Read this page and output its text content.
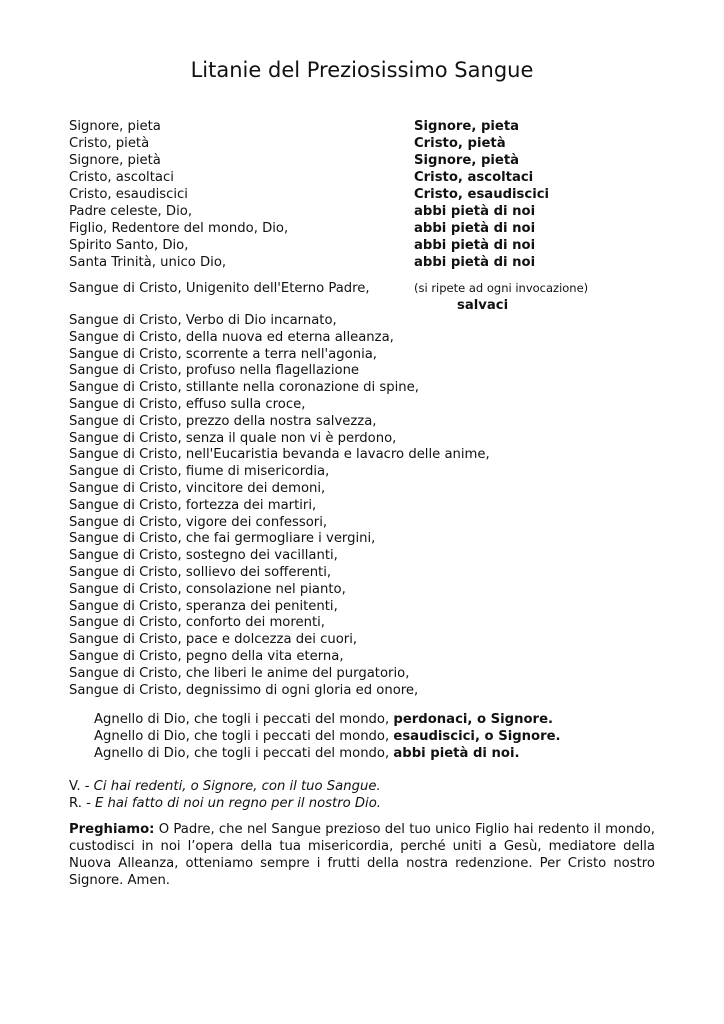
Litanie del Preziosissimo Sangue
Signore, pieta	Signore, pieta
Cristo, pietà	Cristo, pietà
Signore, pietà	Signore, pietà
Cristo, ascoltaci	Cristo, ascoltaci
Cristo, esaudiscici	Cristo, esaudiscici
Padre celeste, Dio,	abbi pietà di noi
Figlio, Redentore del mondo, Dio,	abbi pietà di noi
Spirito Santo, Dio,	abbi pietà di noi
Santa Trinità, unico Dio,	abbi pietà di noi
Sangue di Cristo, Unigenito dell'Eterno Padre,	(si ripete ad ogni invocazione)
salvaci
Sangue di Cristo, Verbo di Dio incarnato,
Sangue di Cristo, della nuova ed eterna alleanza,
Sangue di Cristo, scorrente a terra nell'agonia,
Sangue di Cristo, profuso nella flagellazione
Sangue di Cristo, stillante nella coronazione di spine,
Sangue di Cristo, effuso sulla croce,
Sangue di Cristo, prezzo della nostra salvezza,
Sangue di Cristo, senza il quale non vi è perdono,
Sangue di Cristo, nell'Eucaristia bevanda e lavacro delle anime,
Sangue di Cristo, fiume di misericordia,
Sangue di Cristo, vincitore dei demoni,
Sangue di Cristo, fortezza dei martiri,
Sangue di Cristo, vigore dei confessori,
Sangue di Cristo, che fai germogliare i vergini,
Sangue di Cristo, sostegno dei vacillanti,
Sangue di Cristo, sollievo dei sofferenti,
Sangue di Cristo, consolazione nel pianto,
Sangue di Cristo, speranza dei penitenti,
Sangue di Cristo, conforto dei morenti,
Sangue di Cristo, pace e dolcezza dei cuori,
Sangue di Cristo, pegno della vita eterna,
Sangue di Cristo, che liberi le anime del purgatorio,
Sangue di Cristo, degnissimo di ogni gloria ed onore,
Agnello di Dio, che togli i peccati del mondo, perdonaci, o Signore.
Agnello di Dio, che togli i peccati del mondo, esaudiscici, o Signore.
Agnello di Dio, che togli i peccati del mondo, abbi pietà di noi.
V. - Ci hai redenti, o Signore, con il tuo Sangue.
R. - E hai fatto di noi un regno per il nostro Dio.
Preghiamo: O Padre, che nel Sangue prezioso del tuo unico Figlio hai redento il mondo, custodisci in noi l’opera della tua misericordia, perché uniti a Gesù, mediatore della Nuova Alleanza, otteniamo sempre i frutti della nostra redenzione. Per Cristo nostro Signore. Amen.
